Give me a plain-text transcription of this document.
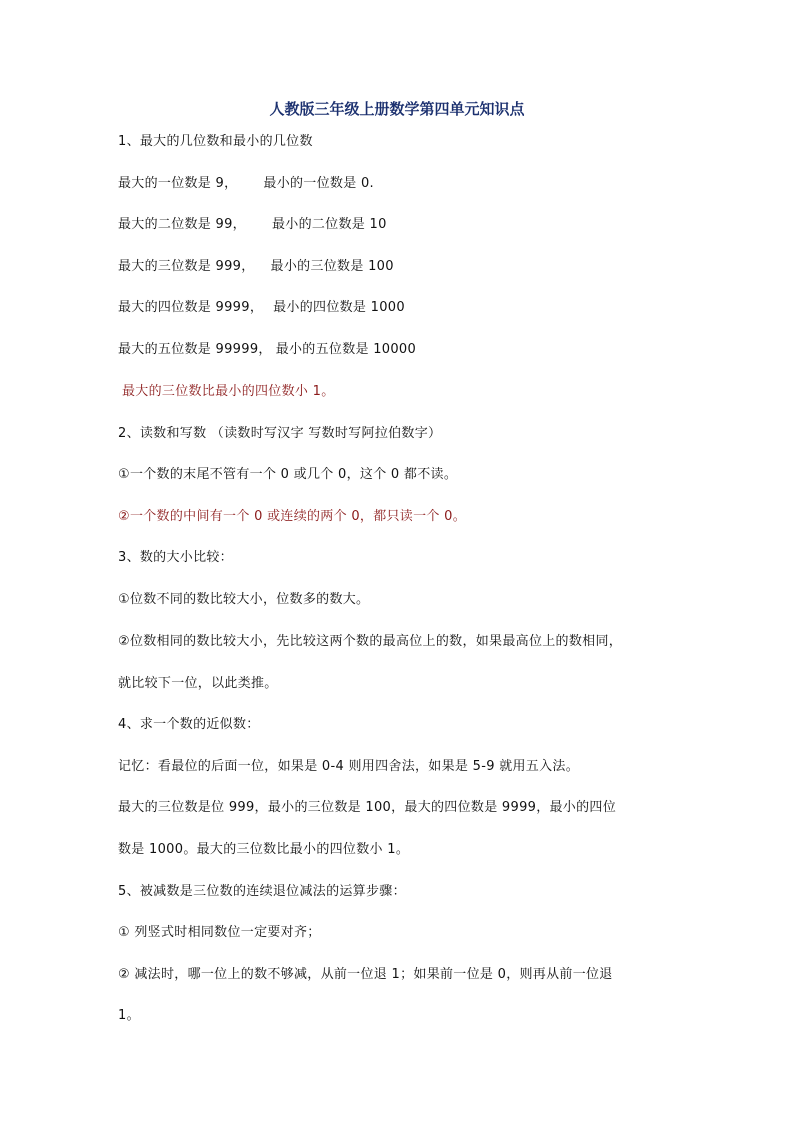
人教版三年级上册数学第四单元知识点
1、最大的几位数和最小的几位数
最大的一位数是 9， 最小的一位数是 0.
最大的二位数是 99， 最小的二位数是 10
最大的三位数是 999， 最小的三位数是 100
最大的四位数是 9999， 最小的四位数是 1000
最大的五位数是 99999， 最小的五位数是 10000
最大的三位数比最小的四位数小 1。
2、读数和写数 （读数时写汉字 写数时写阿拉伯数字）
①一个数的末尾不管有一个 0 或几个 0，这个 0 都不读。
②一个数的中间有一个 0 或连续的两个 0，都只读一个 0。
3、数的大小比较：
①位数不同的数比较大小，位数多的数大。
②位数相同的数比较大小，先比较这两个数的最高位上的数，如果最高位上的数相同，
就比较下一位，以此类推。
4、求一个数的近似数：
记忆：看最位的后面一位，如果是 0-4 则用四舍法，如果是 5-9 就用五入法。
最大的三位数是位 999，最小的三位数是 100，最大的四位数是 9999，最小的四位
数是 1000。最大的三位数比最小的四位数小 1。
5、被减数是三位数的连续退位减法的运算步骤：
① 列竖式时相同数位一定要对齐；
② 减法时，哪一位上的数不够减，从前一位退 1；如果前一位是 0，则再从前一位退
1。
